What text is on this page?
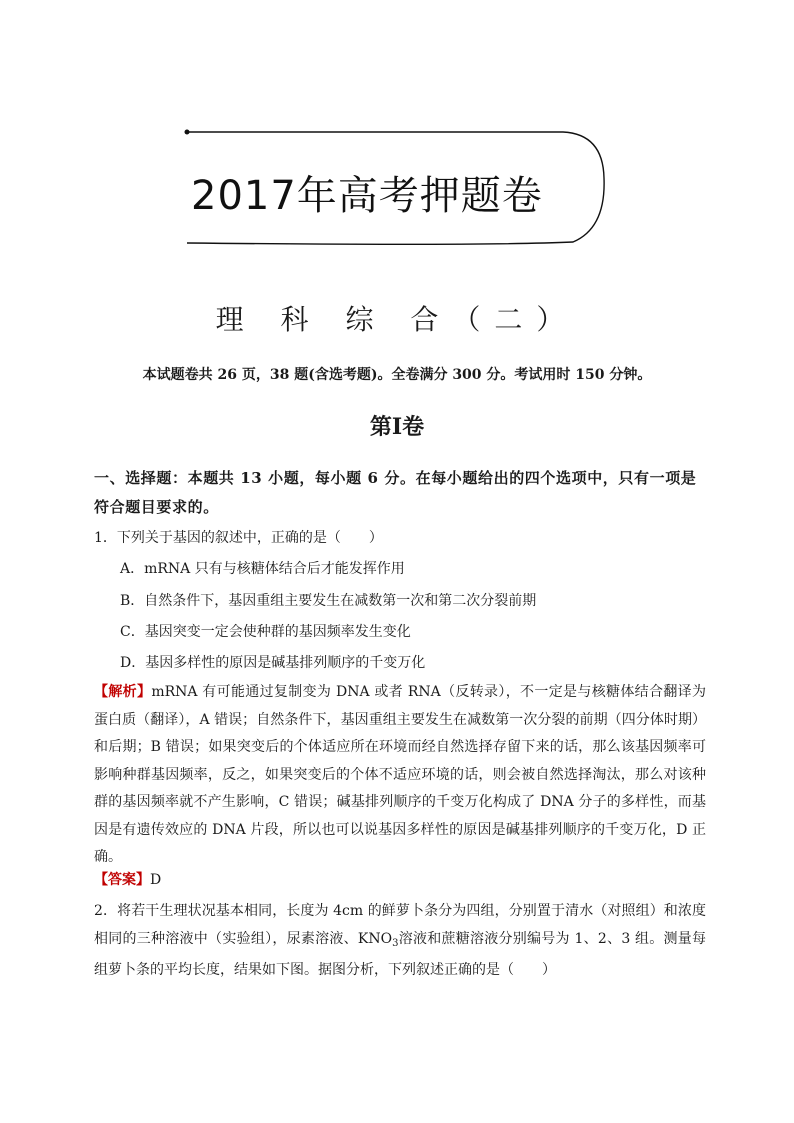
2017年高考押题卷
理 科 综 合（二）
本试题卷共 26 页，38 题(含选考题)。全卷满分 300 分。考试用时 150 分钟。
第Ⅰ卷
一、选择题：本题共 13 小题，每小题 6 分。在每小题给出的四个选项中，只有一项是符合题目要求的。
1．下列关于基因的叙述中，正确的是（　　）
A．mRNA 只有与核糖体结合后才能发挥作用
B．自然条件下，基因重组主要发生在减数第一次和第二次分裂前期
C．基因突变一定会使种群的基因频率发生变化
D．基因多样性的原因是碱基排列顺序的千变万化
【解析】mRNA 有可能通过复制变为 DNA 或者 RNA（反转录），不一定是与核糖体结合翻译为蛋白质（翻译），A 错误；自然条件下，基因重组主要发生在减数第一次分裂的前期（四分体时期）和后期；B 错误；如果突变后的个体适应所在环境而经自然选择存留下来的话，那么该基因频率可影响种群基因频率，反之，如果突变后的个体不适应环境的话，则会被自然选择淘汰，那么对该种群的基因频率就不产生影响，C 错误；碱基排列顺序的千变万化构成了 DNA 分子的多样性，而基因是有遗传效应的 DNA 片段，所以也可以说基因多样性的原因是碱基排列顺序的千变万化，D 正确。
【答案】D
2．将若干生理状况基本相同，长度为 4cm 的鲜萝卜条分为四组，分别置于清水（对照组）和浓度相同的三种溶液中（实验组），尿素溶液、$KNO_3$溶液和蔗糖溶液分别编号为 1、2、3 组。测量每组萝卜条的平均长度，结果如下图。据图分析，下列叙述正确的是（　　）
